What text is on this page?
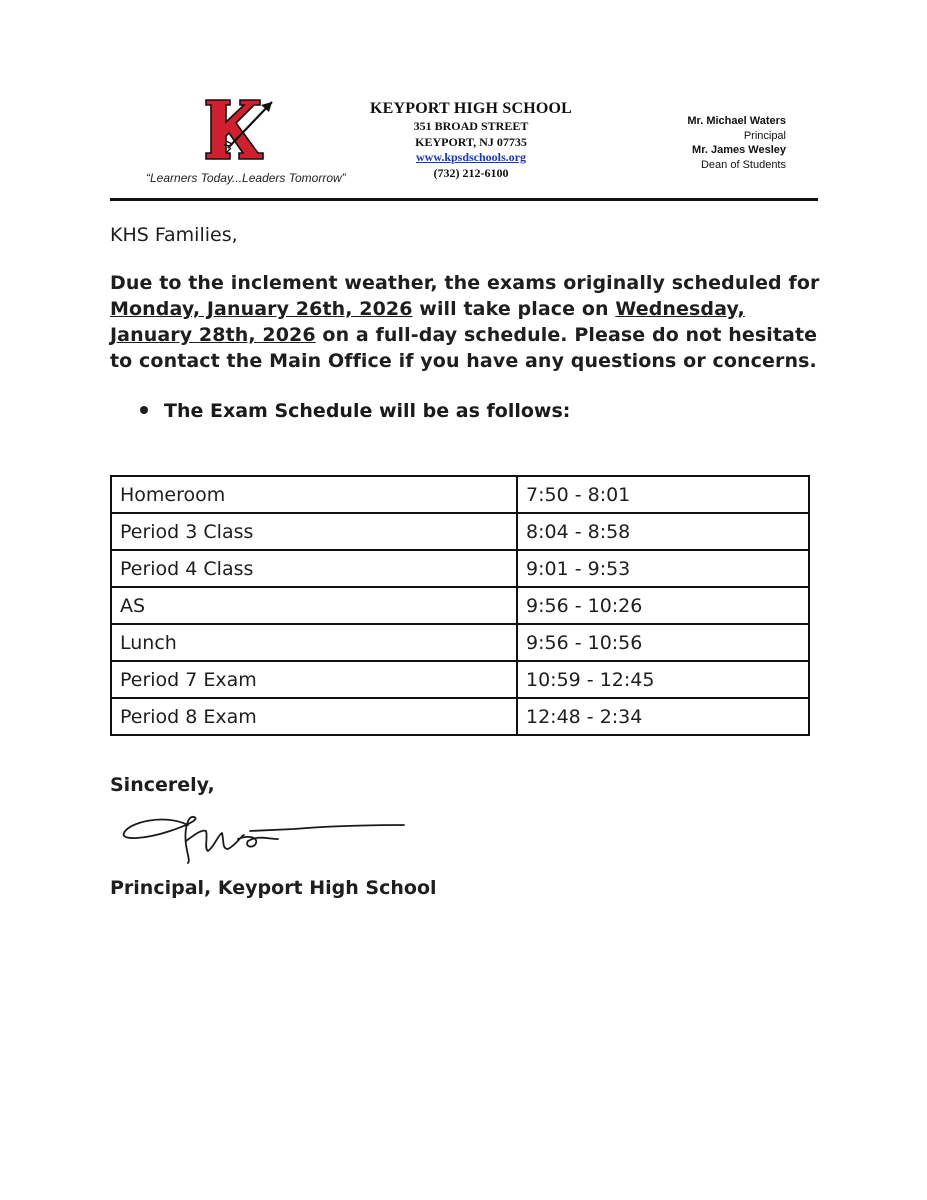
“Learners Today...Leaders Tomorrow”
KEYPORT HIGH SCHOOL
351 BROAD STREET
KEYPORT, NJ 07735
www.kpsdschools.org
(732) 212-6100
Mr. Michael Waters
Principal
Mr. James Wesley
Dean of Students
KHS Families,
Due to the inclement weather, the exams originally scheduled for Monday, January 26th, 2026 will take place on Wednesday, January 28th, 2026 on a full-day schedule. Please do not hesitate to contact the Main Office if you have any questions or concerns.
The Exam Schedule will be as follows:
Homeroom	7:50 - 8:01
Period 3 Class	8:04 - 8:58
Period 4 Class	9:01 - 9:53
AS	9:56 - 10:26
Lunch	9:56 - 10:56
Period 7 Exam	10:59 - 12:45
Period 8 Exam	12:48 - 2:34
Sincerely,
Principal, Keyport High School
